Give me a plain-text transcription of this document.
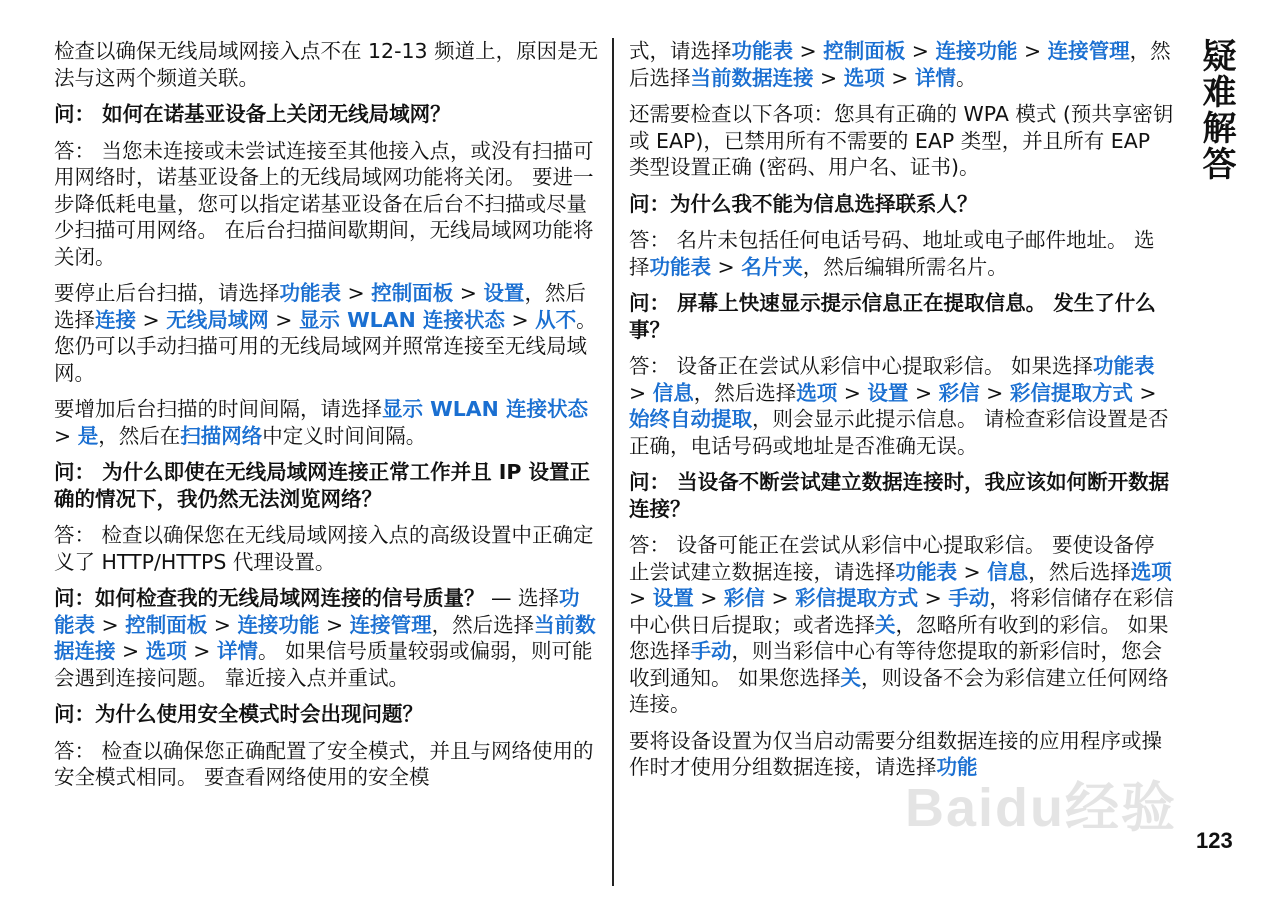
检查以确保无线局域网接入点不在 12-13 频道上，原因是无法与这两个频道关联。

问： 如何在诺基亚设备上关闭无线局域网？

答： 当您未连接或未尝试连接至其他接入点，或没有扫描可用网络时，诺基亚设备上的无线局域网功能将关闭。 要进一步降低耗电量，您可以指定诺基亚设备在后台不扫描或尽量少扫描可用网络。 在后台扫描间歇期间，无线局域网功能将关闭。

要停止后台扫描，请选择功能表 > 控制面板 > 设置，然后选择连接 > 无线局域网 > 显示 WLAN 连接状态 > 从不。 您仍可以手动扫描可用的无线局域网并照常连接至无线局域网。

要增加后台扫描的时间间隔，请选择显示 WLAN 连接状态 > 是，然后在扫描网络中定义时间间隔。

问： 为什么即使在无线局域网连接正常工作并且 IP 设置正确的情况下，我仍然无法浏览网络？

答： 检查以确保您在无线局域网接入点的高级设置中正确定义了 HTTP/HTTPS 代理设置。

问：如何检查我的无线局域网连接的信号质量？ — 选择功能表 > 控制面板 > 连接功能 > 连接管理，然后选择当前数据连接 > 选项 > 详情。 如果信号质量较弱或偏弱，则可能会遇到连接问题。 靠近接入点并重试。

问：为什么使用安全模式时会出现问题？

答： 检查以确保您正确配置了安全模式，并且与网络使用的安全模式相同。 要查看网络使用的安全模

式，请选择功能表 > 控制面板 > 连接功能 > 连接管理，然后选择当前数据连接 > 选项 > 详情。

还需要检查以下各项：您具有正确的 WPA 模式 (预共享密钥或 EAP)，已禁用所有不需要的 EAP 类型，并且所有 EAP 类型设置正确 (密码、用户名、证书)。

问：为什么我不能为信息选择联系人？

答： 名片未包括任何电话号码、地址或电子邮件地址。 选择功能表 > 名片夹，然后编辑所需名片。

问： 屏幕上快速显示提示信息正在提取信息。 发生了什么事？

答： 设备正在尝试从彩信中心提取彩信。 如果选择功能表 > 信息，然后选择选项 > 设置 > 彩信 > 彩信提取方式 > 始终自动提取，则会显示此提示信息。 请检查彩信设置是否正确，电话号码或地址是否准确无误。

问： 当设备不断尝试建立数据连接时，我应该如何断开数据连接？

答： 设备可能正在尝试从彩信中心提取彩信。 要使设备停止尝试建立数据连接，请选择功能表 > 信息，然后选择选项 > 设置 > 彩信 > 彩信提取方式 > 手动，将彩信储存在彩信中心供日后提取；或者选择关，忽略所有收到的彩信。 如果您选择手动，则当彩信中心有等待您提取的新彩信时，您会收到通知。 如果您选择关，则设备不会为彩信建立任何网络连接。

要将设备设置为仅当启动需要分组数据连接的应用程序或操作时才使用分组数据连接，请选择功能

疑难解答
123
Baidu经验
